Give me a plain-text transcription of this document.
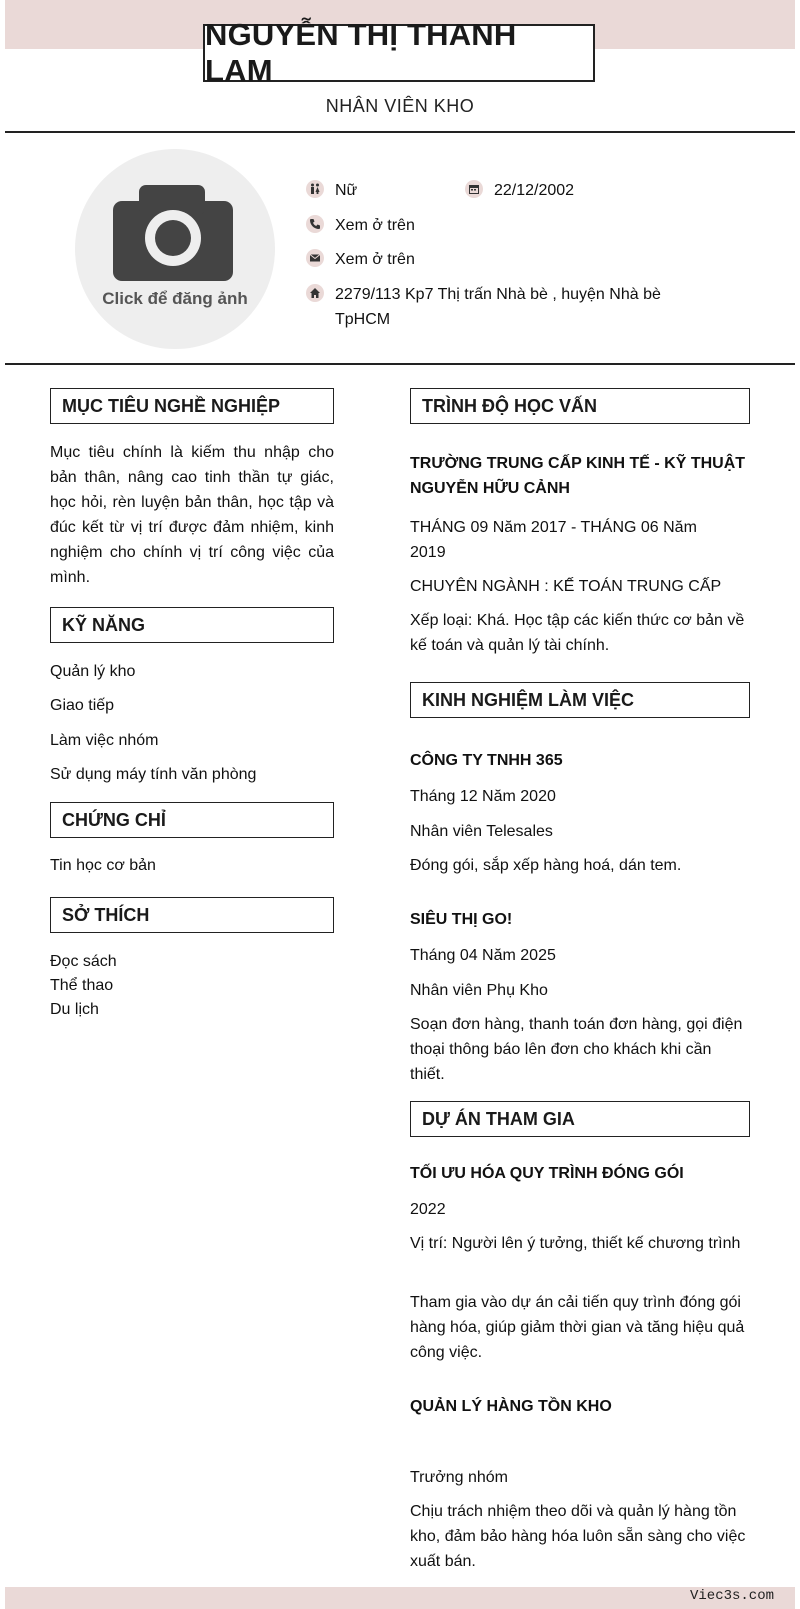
NGUYỄN THỊ THANH LAM
NHÂN VIÊN KHO
Click để đăng ảnh
Nữ	22/12/2002
Xem ở trên
Xem ở trên
2279/113 Kp7 Thị trấn Nhà bè , huyện Nhà bè
TpHCM
MỤC TIÊU NGHỀ NGHIỆP
Mục tiêu chính là kiếm thu nhập cho bản thân, nâng cao tinh thần tự giác, học hỏi, rèn luyện bản thân, học tập và đúc kết từ vị trí được đảm nhiệm, kinh nghiệm cho chính vị trí công việc của mình.
KỸ NĂNG
Quản lý kho
Giao tiếp
Làm việc nhóm
Sử dụng máy tính văn phòng
CHỨNG CHỈ
Tin học cơ bản
SỞ THÍCH
Đọc sách
Thể thao
Du lịch
TRÌNH ĐỘ HỌC VẤN
TRƯỜNG TRUNG CẤP KINH TẾ - KỸ THUẬT
NGUYỄN HỮU CẢNH
THÁNG 09 Năm 2017 - THÁNG 06 Năm
2019
CHUYÊN NGÀNH : KẾ TOÁN TRUNG CẤP
Xếp loại: Khá. Học tập các kiến thức cơ bản về kế toán và quản lý tài chính.
KINH NGHIỆM LÀM VIỆC
CÔNG TY TNHH 365
Tháng 12 Năm 2020
Nhân viên Telesales
Đóng gói, sắp xếp hàng hoá, dán tem.
SIÊU THỊ GO!
Tháng 04 Năm 2025
Nhân viên Phụ Kho
Soạn đơn hàng, thanh toán đơn hàng, gọi điện thoại thông báo lên đơn cho khách khi cần thiết.
DỰ ÁN THAM GIA
TỐI ƯU HÓA QUY TRÌNH ĐÓNG GÓI
2022
Vị trí: Người lên ý tưởng, thiết kế chương trình
Tham gia vào dự án cải tiến quy trình đóng gói hàng hóa, giúp giảm thời gian và tăng hiệu quả công việc.
QUẢN LÝ HÀNG TỒN KHO
Trưởng nhóm
Chịu trách nhiệm theo dõi và quản lý hàng tồn kho, đảm bảo hàng hóa luôn sẵn sàng cho việc xuất bán.
Viec3s.com
